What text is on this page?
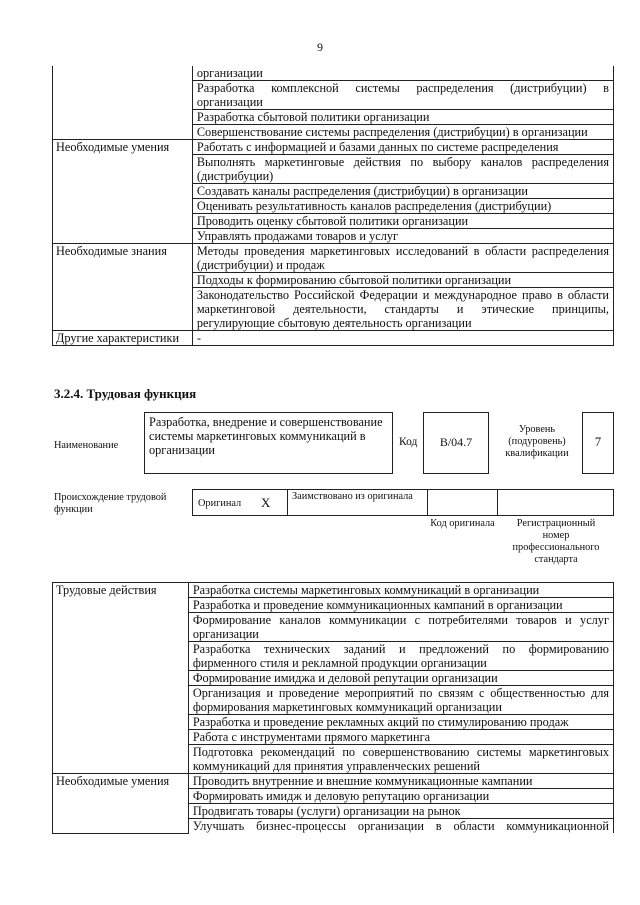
9
	организации
	Разработка комплексной системы распределения (дистрибуции) в организации
	Разработка сбытовой политики организации
	Совершенствование системы распределения (дистрибуции) в организации
Необходимые умения	Работать с информацией и базами данных по системе распределения
	Выполнять маркетинговые действия по выбору каналов распределения (дистрибуции)
	Создавать каналы распределения (дистрибуции) в организации
	Оценивать результативность каналов распределения (дистрибуции)
	Проводить оценку сбытовой политики организации
	Управлять продажами товаров и услуг
Необходимые знания	Методы проведения маркетинговых исследований в области распределения (дистрибуции) и продаж
	Подходы к формированию сбытовой политики организации
	Законодательство Российской Федерации и международное право в области маркетинговой деятельности, стандарты и этические принципы, регулирующие сбытовую деятельность организации
Другие характеристики	-
3.2.4. Трудовая функция
Наименование
Разработка, внедрение и совершенствование системы маркетинговых коммуникаций в организации
Код	B/04.7
Уровень (подуровень) квалификации
7
Происхождение трудовой функции
Оригинал X	Заимствовано из оригинала
Код оригинала	Регистрационный номер профессионального стандарта
Трудовые действия	Разработка системы маркетинговых коммуникаций в организации
	Разработка и проведение коммуникационных кампаний в организации
	Формирование каналов коммуникации с потребителями товаров и услуг организации
	Разработка технических заданий и предложений по формированию фирменного стиля и рекламной продукции организации
	Формирование имиджа и деловой репутации организации
	Организация и проведение мероприятий по связям с общественностью для формирования маркетинговых коммуникаций организации
	Разработка и проведение рекламных акций по стимулированию продаж
	Работа с инструментами прямого маркетинга
	Подготовка рекомендаций по совершенствованию системы маркетинговых коммуникаций для принятия управленческих решений
Необходимые умения	Проводить внутренние и внешние коммуникационные кампании
	Формировать имидж и деловую репутацию организации
	Продвигать товары (услуги) организации на рынок
	Улучшать бизнес-процессы организации в области коммуникационной
